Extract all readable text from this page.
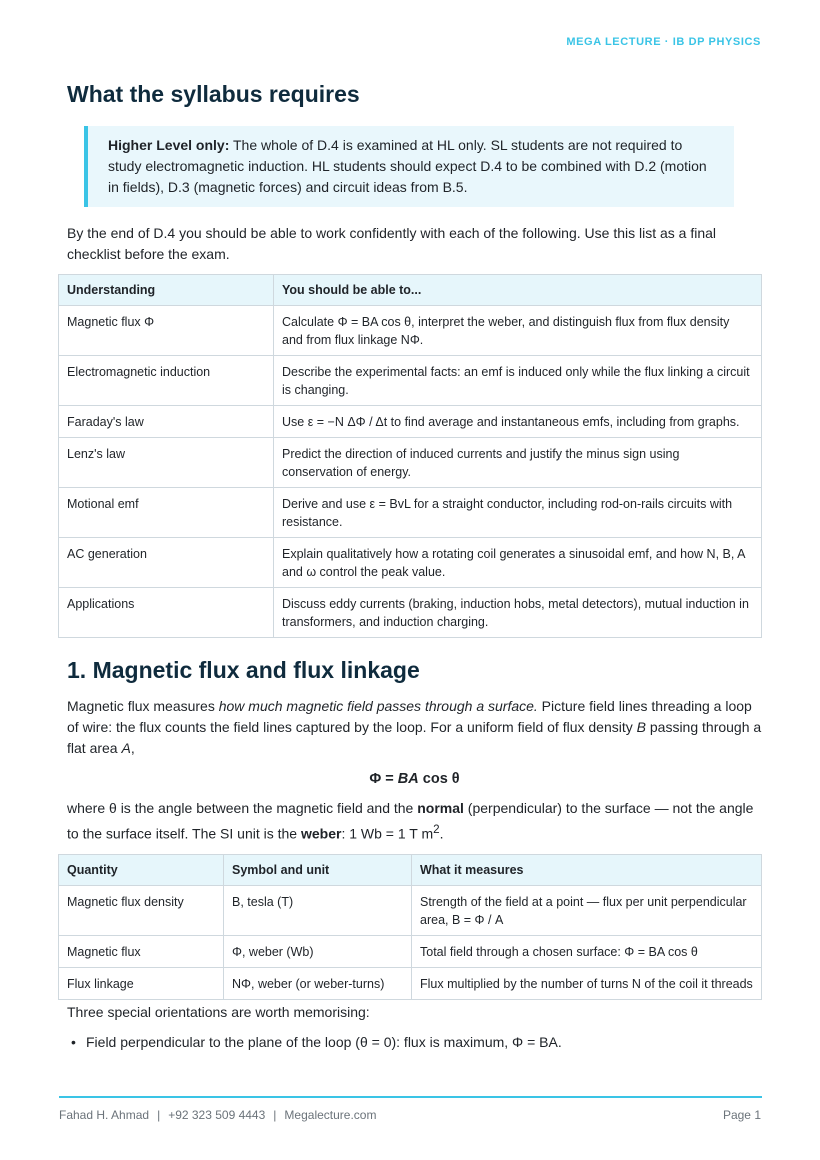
MEGA LECTURE · IB DP PHYSICS
What the syllabus requires
Higher Level only: The whole of D.4 is examined at HL only. SL students are not required to study electromagnetic induction. HL students should expect D.4 to be combined with D.2 (motion in fields), D.3 (magnetic forces) and circuit ideas from B.5.

By the end of D.4 you should be able to work confidently with each of the following. Use this list as a final checklist before the exam.

Understanding	You should be able to...
Magnetic flux Φ	Calculate Φ = BA cos θ, interpret the weber, and distinguish flux from flux density and from flux linkage NΦ.
Electromagnetic induction	Describe the experimental facts: an emf is induced only while the flux linking a circuit is changing.
Faraday's law	Use ε = −N ΔΦ / Δt to find average and instantaneous emfs, including from graphs.
Lenz's law	Predict the direction of induced currents and justify the minus sign using conservation of energy.
Motional emf	Derive and use ε = BvL for a straight conductor, including rod-on-rails circuits with resistance.
AC generation	Explain qualitatively how a rotating coil generates a sinusoidal emf, and how N, B, A and ω control the peak value.
Applications	Discuss eddy currents (braking, induction hobs, metal detectors), mutual induction in transformers, and induction charging.
1. Magnetic flux and flux linkage

Magnetic flux measures how much magnetic field passes through a surface. Picture field lines threading a loop of wire: the flux counts the field lines captured by the loop. For a uniform field of flux density B passing through a flat area A,

Φ = BA cos θ

where θ is the angle between the magnetic field and the normal (perpendicular) to the surface — not the angle to the surface itself. The SI unit is the weber: 1 Wb = 1 T $m^2$.

Quantity	Symbol and unit	What it measures
Magnetic flux density	B, tesla (T)	Strength of the field at a point — flux per unit perpendicular area, B = Φ / A
Magnetic flux	Φ, weber (Wb)	Total field through a chosen surface: Φ = BA cos θ
Flux linkage	NΦ, weber (or weber-turns)	Flux multiplied by the number of turns N of the coil it threads

Three special orientations are worth memorising:

• Field perpendicular to the plane of the loop (θ = 0): flux is maximum, Φ = BA.
Fahad H. Ahmad | +92 323 509 4443 | Megalecture.com	Page 1
